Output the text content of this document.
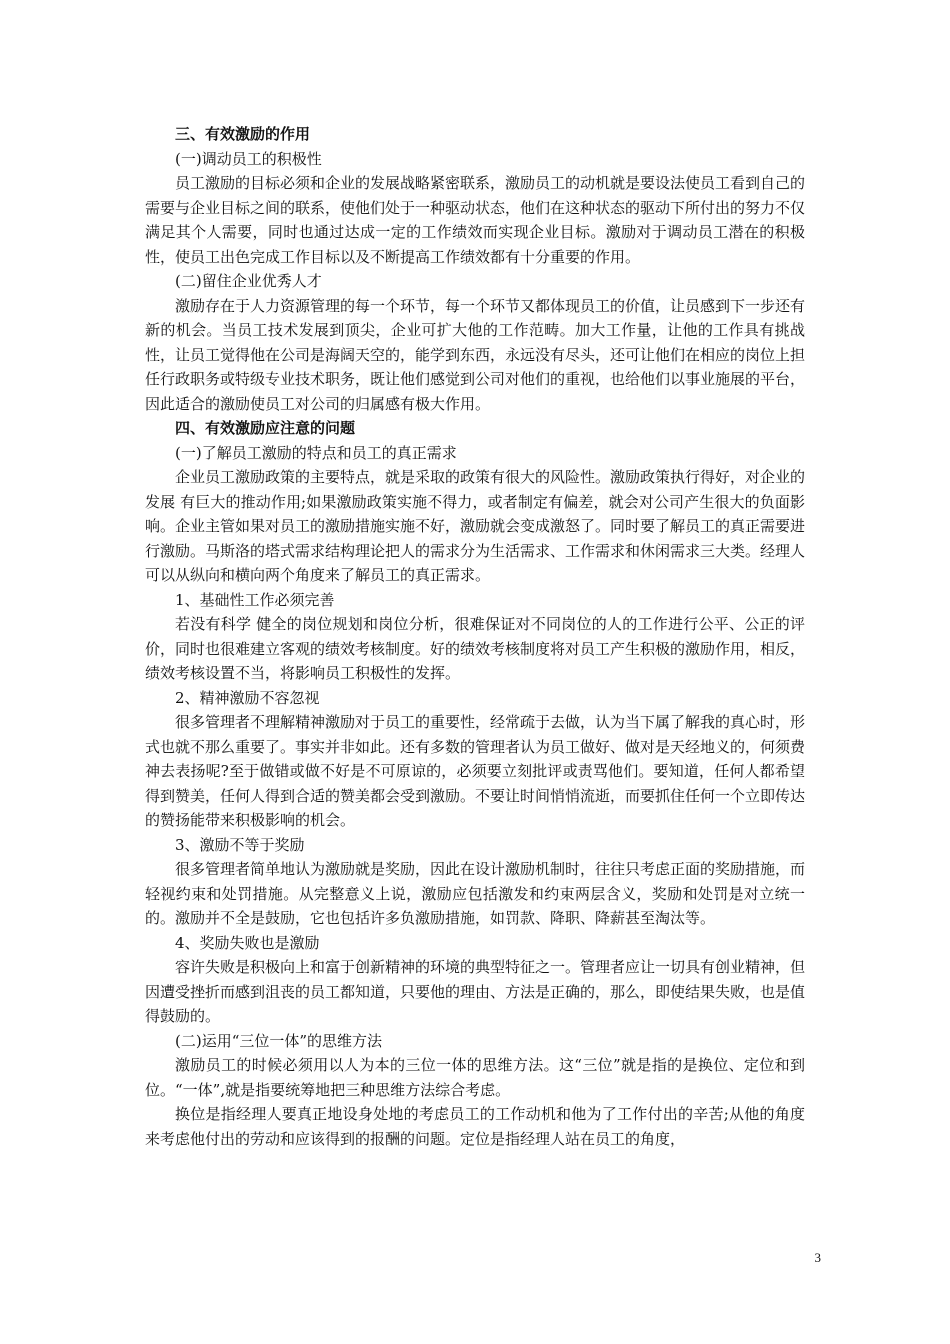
三、有效激励的作用

(一)调动员工的积极性

员工激励的目标必须和企业的发展战略紧密联系，激励员工的动机就是要设法使员工看到自己的需要与企业目标之间的联系，使他们处于一种驱动状态，他们在这种状态的驱动下所付出的努力不仅满足其个人需要，同时也通过达成一定的工作绩效而实现企业目标。激励对于调动员工潜在的积极性，使员工出色完成工作目标以及不断提高工作绩效都有十分重要的作用。

(二)留住企业优秀人才

激励存在于人力资源管理的每一个环节，每一个环节又都体现员工的价值，让员感到下一步还有新的机会。当员工技术发展到顶尖，企业可扩大他的工作范畴。加大工作量，让他的工作具有挑战性，让员工觉得他在公司是海阔天空的，能学到东西，永远没有尽头，还可让他们在相应的岗位上担任行政职务或特级专业技术职务，既让他们感觉到公司对他们的重视，也给他们以事业施展的平台，因此适合的激励使员工对公司的归属感有极大作用。

四、有效激励应注意的问题

(一)了解员工激励的特点和员工的真正需求

企业员工激励政策的主要特点，就是采取的政策有很大的风险性。激励政策执行得好，对企业的发展 有巨大的推动作用;如果激励政策实施不得力，或者制定有偏差，就会对公司产生很大的负面影响。企业主管如果对员工的激励措施实施不好，激励就会变成激怒了。同时要了解员工的真正需要进行激励。马斯洛的塔式需求结构理论把人的需求分为生活需求、工作需求和休闲需求三大类。经理人可以从纵向和横向两个角度来了解员工的真正需求。

1、基础性工作必须完善

若没有科学 健全的岗位规划和岗位分析，很难保证对不同岗位的人的工作进行公平、公正的评价，同时也很难建立客观的绩效考核制度。好的绩效考核制度将对员工产生积极的激励作用，相反，绩效考核设置不当，将影响员工积极性的发挥。

2、精神激励不容忽视

很多管理者不理解精神激励对于员工的重要性，经常疏于去做，认为当下属了解我的真心时，形式也就不那么重要了。事实并非如此。还有多数的管理者认为员工做好、做对是天经地义的，何须费神去表扬呢?至于做错或做不好是不可原谅的，必须要立刻批评或责骂他们。要知道，任何人都希望得到赞美，任何人得到合适的赞美都会受到激励。不要让时间悄悄流逝，而要抓住任何一个立即传达的赞扬能带来积极影响的机会。

3、激励不等于奖励

很多管理者简单地认为激励就是奖励，因此在设计激励机制时，往往只考虑正面的奖励措施，而轻视约束和处罚措施。从完整意义上说，激励应包括激发和约束两层含义，奖励和处罚是对立统一的。激励并不全是鼓励，它也包括许多负激励措施，如罚款、降职、降薪甚至淘汰等。

4、奖励失败也是激励

容许失败是积极向上和富于创新精神的环境的典型特征之一。管理者应让一切具有创业精神，但因遭受挫折而感到沮丧的员工都知道，只要他的理由、方法是正确的，那么，即使结果失败，也是值得鼓励的。

(二)运用“三位一体”的思维方法

激励员工的时候必须用以人为本的三位一体的思维方法。这“三位”就是指的是换位、定位和到位。“一体”,就是指要统筹地把三种思维方法综合考虑。

换位是指经理人要真正地设身处地的考虑员工的工作动机和他为了工作付出的辛苦;从他的角度来考虑他付出的劳动和应该得到的报酬的问题。定位是指经理人站在员工的角度，

3
